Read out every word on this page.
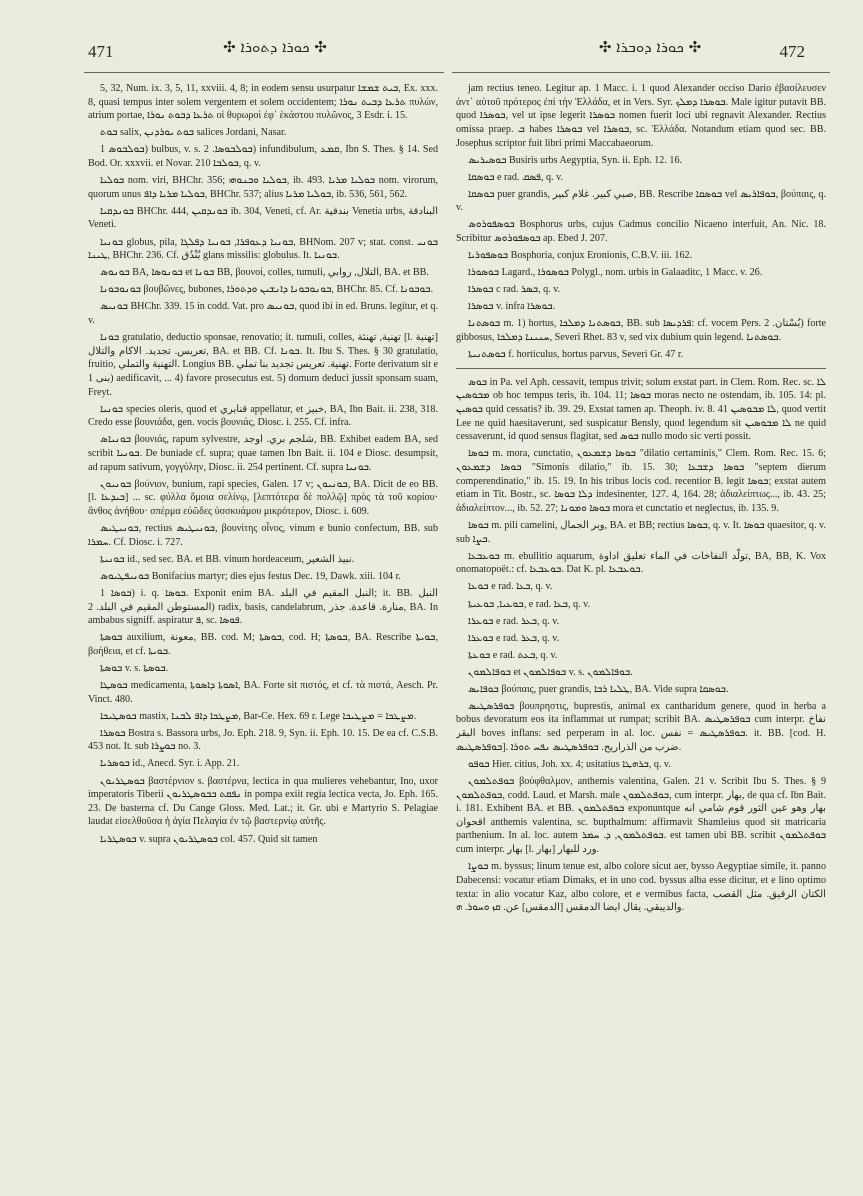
471	✣ ܟܘܪܐ ܕܬܘܪܐ ✣	✣ ܟܘܪܐ ܕܘܒܪܐ ✣	472

5, 32, Num. ix. 3, 5, 11, xxviii. 4, 8; in eodem sensu usurpatur ܒܝܬ ܫܡܫܐ, Ex. xxx. 8, quasi tempus inter solem vergentem et solem occidentem; ܬܪܥܐ ܕܒܝܬ ܢܘܪܐ πυλών, atrium portae, ܬܪܥܐ ܕܒܘܬ ܢܘܪܐ οἱ θυρωροὶ ἐφ᾽ ἑκάστου πυλῶνος, 3 Esdr. i. 15.

ܒܘܬ salix, ܒܘܬ ܝܘܪܕܢܢ salices Jordani, Nasar.

ܒܘܠܒܘܣ 1) bulbus, v. s. ܒܘܠܒܘܣܐ. 2) infundibulum, ܩܡܥ, Ibn S. Thes. § 14. Sed Bod. Or. xxxvii. et Novar. 210 ܒܘܠܒܐ, q. v.

ܒܘܠܝܐ nom. viri, BHChr. 356; ܒܘܠܝܐ ܘܒܢܘܗܝ, ib. 493. ܒܘܠܝܐ ܡܪܝܐ nom. virorum, quorum unus ܒܘܠܝܐ ܡܪܝܐ ܕܐܦ, BHChr. 537; alius ܒܘܠܝܐ ܡܪܝܐ, ib. 536, 561, 562.

ܒܘܢܕܩܝܐ BHChr. 444, ܒܘܢܕܩܝܢ ib. 304, Veneti, cf. Ar. بندقية Venetia urbs, البنادقة Veneti.

ܒܘܢܝܐ globus, pila, ܒܘܢܝܐ ܕܥܘܦܪܐ, ܒܘܢܝܐ ܕܦܠܓܐ, BHNom. 207 v; stat. const. ܒܘܢܝ ܛܝܢܐ, BHChr. 236. Cf. بُنْدُق glans missilis: globulus. It. ܒܘܢܝܐ.

ܒܘܢܘܣ BA, ܒܘܢܘܣܐ et ܒܘܢܐ BB, βουνοί, colles, tumuli, التلال, روابي, BA. et BB.

ܒܘܢܘܒܘܢܐ βουβῶνες, bubones, ܒܘܢܘܒܘܢܐ ܕܐܢܫܝܢ ܘܕܬܘܪܐ, BHChr. 85. Cf. ܒܘܒܘܢܐ.

ܒܘܢܝܣ BHChr. 339. 15 in codd. Vat. pro ܒܘܢܝܣ, quod ibi in ed. Bruns. legitur, et q. v.

ܒܘܢܐ gratulatio, deductio sponsae, renovatio; it. tumuli, colles, تهنية, تهنئة [l. تهنية] تعريس. تجديد. الاكام والتلال, BA. et BB. Cf. ܒܘܢܐ. It. Ibu S. Thes. § 30 gratulatio, fruitio, التهنية والتملي. Longius BB. تهنية. تعريس تجديد بنا تملي. Forte derivatum sit e بنى 1) aedificavit, ... 4) favore prosecutus est. 5) domum deduci jussit sponsam suam, Freyt.

ܒܘܢܝܐ species oleris, quod et قنابري appellatur, et خبيز, BA, Ibn Bait. ii. 238, 318. Credo esse βουνιάδα, gen. vocis βουνιάς, Diosc. i. 255. Cf. infra.

ܒܘܢܝܐܣ βουνιάς, rapum sylvestre, شلجم بري. اوجد, BB. Exhibet eadem BA, sed scribit ܒܘܢܝܐ. De buniade cf. supra; quae tamen Ibn Bait. ii. 104 e Diosc. desumpsit, ad rapum sativum, γογγύλην, Diosc. ii. 254 pertinent. Cf. supra ܒܘܢܝܐ.

ܒܘܢܝܘܢ βούνιον, bunium, rapi species, Galen. 17 v; ܒܘܢܝܘܢ, BA. Dicit de eo BB. [l. ܒܝܕܥܐ] ... sc. φύλλα ὅμοια σελίνῳ, [λεπτότερα δὲ πολλῷ] πρὸς τὰ τοῦ κορίου· ἄνθος ἀνήθου· σπέρμα εὐῶδες ὑσσκυάμου μικρότερον, Diosc. i. 609.

ܒܘܢܝܛܝܣ, rectius ܒܘܢܝܛܝܣ, βουνίτης οἶνος, vinum e bunio confectum, BB. sub ܚܡܪܐ. Cf. Diosc. i. 727.

ܒܘܢܝܬܐ id., sed sec. BA. et BB. vinum hordeaceum, نبيذ الشعير.

ܒܘܢܝܦܛܝܘܣ Bonifacius martyr; dies ejus festus Dec. 19, Dawk. xiii. 104 r.

ܒܘܣܐ 1) i. q. ܒܘܣܐ. Exponit enim BA. النبل المقيم في البلد; it. BB. النبل المستوطن المقيم في البلد. 2) radix, basis, candelabrum, منارة. قاعدة. جذر, BA. In ambabus signiff. aspiratur ܦ, sc. ܦܘܣܐ.

ܒܘܣܬܐ auxilium, معونة, BB. cod. M; ܒܘܣܬܐ, cod. H; ܒܘܣܬܐ, BA. Rescribe ܒܘܝܬܐ, βοήθεια, et cf. ܒܘܝܬܐ.

ܒܘܣܬܐ v. s. ܒܘܣܬܐ.

ܒܘܣܛܐ medicamenta, ܐܣܘܬܐ ܕܐܣܘܬܐ, BA. Forte sit πιστός, et cf. τὰ πιστά, Aesch. Pr. Vinct. 480.

ܒܘܣܛܝܟܐ mastix, ܡܨܛܟܐ ܕܐܦ ܠܒܢܐ, Bar-Ce. Hex. 69 r. Lege ܡܨܛܟܐ = ܡܨܛܝܟܐ.

ܒܘܣܪܐ Bostra s. Bassora urbs, Jo. Eph. 218. 9, Syn. ii. Eph. 10. 15. De ea cf. C.S.B. 453 not. It. sub ܒܘܨܪܐ no. 3.

ܒܘܣܪܝܐ id., Anecd. Syr. i. App. 21.

ܒܘܣܛܪܝܘܢ βαστέρνιον s. βαστέρνα, lectica in qua mulieres vehebantur, Ino, uxor imperatoris Tiberii ܢܦܩܬ ܒܒܘܣܛܪܝܘܢ in pompa exiit regia lectica vecta, Jo. Eph. 165. 23. De basterna cf. Du Cange Gloss. Med. Lat.; it. Gr. ubi e Martyrio S. Pelagiae laudat εἰσελθοῦσα ἡ ἁγία Πελαγία ἐν τῷ βαστερνίῳ αὐτῆς.

ܒܘܣܛܪܝܐ v. supra ܒܘܣܛܪܝܘܢ col. 457. Quid sit tamen

jam rectius teneo. Legitur ap. 1 Macc. i. 1 quod Alexander occiso Dario ἐβασίλευσεν ἀντ᾽ αὐτοῦ πρότερος ἐπὶ τὴν Ἑλλάδα, et in Vers. Syr. ܒܘܣܪܐ ܕܡܠܟ. Male igitur putavit BB. quod ܒܘܣܪܐ, vel ut ipse legerit ܒܘܣܪܐ nomen fuerit loci ubi regnavit Alexander. Rectius omissa praep. ܒ habes ܒܘܣܪܐ vel ܒܘܣܪܐ, sc. Ἑλλάδα. Notandum etiam quod sec. BB. Josephus scriptor fuit libri primi Maccabaeorum.

ܒܘܣܝܪܝܣ Busiris urbs Aegyptia, Syn. ii. Eph. 12. 16.

ܒܘܣܩܐ e rad. ܦܣܩ, q. v.

ܒܘܣܩܐ puer grandis, صبي كبير. غلام كبير, BB. Rescribe ܒܘܣܩܐ vel ܒܘܦܐܪܝܣ, βούπαις, q. v.

ܒܘܣܦܘܪܘܣ Bosphorus urbs, cujus Cadmus concilio Nicaeno interfuit, An. Nic. 18. Scribitur ܒܘܣܦܘܪܘܣ ap. Ebed J. 207.

ܒܘܣܦܘܪܝܐ Bosphoria, conjux Eronionis, C.B.V. iii. 162.

ܒܘܣܘܪܐ Lagard., ܒܘܣܘܪܐ Polygl., nom. urbis in Galaaditc, 1 Macc. v. 26.

ܒܘܣܪܐ c rad. ܒܣܪ, q. v.

ܒܘܣܪܐ v. infra ܒܘܣܪܐ.

ܒܘܣܬܢܐ m. 1) hortus, ܒܘܣܬܢܐ ܕܡܠܟܐ, BB. sub ܦܪܕܝܣܐ: cf. vocem Pers. بُسْتان. 2) forte gibbosus, ܚܢܝܢܐ ܕܡܠܟܐ, Severi Rhet. 83 v, sed vix dubium quin legend. ܒܘܣܬܢܐ.

ܒܘܣܬܢܝܬܐ f. horticulus, hortus parvus, Severi Gr. 47 r.

ܒܘܣ in Pa. vel Aph. cessavit, tempus trivit; solum exstat part. in Clem. Rom. Rec. sc. ܠܐ ܡܒܘܣܝܢ ob hoc tempus teris, ib. 104. 11; ܒܘܣܐ moras necto ne ostendam, ib. 105. 14: pl. ܒܘܣܝܢ quid cessatis? ib. 39. 29. Exstat tamen ap. Theoph. iv. 8. 41 ܠܐ ܡܒܘܣܝܢ, quod vertit Lee ne quid haesitaverunt, sed suspicatur Bensly, quod legendum sit ܠܐ ܡܒܘܣܝܢ ne quid cessaverunt, id quod sensus flagitat, sed ܒܘܣ nullo modo sic verti possit.

ܒܘܣܐ m. mora, cunctatio, ܒܘܣܐ ܕܫܡܥܘܢ "dilatio certaminis," Clem. Rom. Rec. 15. 6; ܒܘܣܐ ܕܫܡܥܘܢ "Simonis dilatio," ib. 15. 30; ܒܘܣܐ ܕܫܒܥܐ "septem dierum comperendinatio," ib. 15. 19. In his tribus locis cod. recentior B. legit ܒܘܣܐ; exstat autem etiam in Tit. Bostr., sc. ܕܠܐ ܒܘܣܐ indesinenter, 127. 4, 164. 28; ἀδιαλείπτως..., ib. 43. 25; ἀδιαλείπτον..., ib. 52. 27; ܒܘܣܐ ܘܡܘܢܐ mora et cunctatio et neglectus, ib. 135. 9.

ܒܘܣܐ m. pili camelini, وبر الجمال, BA. et BB; rectius ܒܘܣܐ, q. v. It. ܒܘܣܐ quaesitor, q. v. sub ܒܨܐ.

ܒܘܥܒܥܐ m. ebullitio aquarum, تولّد النفاخات في الماء تعليق اداوة, BA, BB, K. Vox onomatopoët.: cf. ܒܘܥܒܥܐ. Dat K. pl. ܒܘܥܒܥܐ.

ܒܘܥܐ e rad. ܒܥܐ, q. v.

ܒܘܥܝܐ, ܒܘܥܝܬܐ, e rad. ܒܥܐ, q. v.

ܒܘܥܪܐ e rad. ܒܥܪ, q. v.

ܒܘܥܪܐ e rad. ܒܥܪ, q. v.

ܒܘܥܬܐ e rad. ܒܥܬ, q. v.

ܒܘܦܐܠܡܘܢ et ܒܘܦܐܠܡܘܢ v. s. ܒܘܦܐܠܡܘܢ.

ܒܘܦܐܝܣ βούπαις, puer grandis, ܛܠܝܐ ܪܒܐ, BA. Vide supra ܒܘܣܩܐ.

ܒܘܦܪܣܛܝܣ βουπρηστις, buprestis, animal ex cantharidum genere, quod in herba a bobus devoratum eos ita inflammat ut rumpat; scribit BA. ܒܘܦܪܣܛܝܣ cum interpr. نفاخ البقر boves inflans: sed perperam in al. loc. ܒܘܦܪܣܛܝܣ = نفس. it. BB. [cod. H. ܒܘܦܪܣܛܝܣ]. ضرب من الذراريح. ܒܘܦܪܣܛܝܣ ܢܦܚ ܬܘܪܐ.

ܒܘܦܘ Hier. citius, Joh. xx. 4; usitatius ܒܪܗܛܐ, q. v.

ܒܘܦܬܠܡܘܢ βούφθαλμον, anthemis valentina, Galen. 21 v. Scribit Ibu S. Thes. § 9 ܒܘܦܬܠܡܘܢ, codd. Laud. et Marsh. male ܒܘܦܬܠܡܘܢ, cum interpr. بهار, de qua cf. Ibn Bait. i. 181. Exhibent BA. et BB. ܒܘܦܬܠܡܘܢ exponuntque بهار وهو عين الثور قوم شامي انه اقحوان anthemis valentina, sc. bupthalmum: affirmavit Shamleius quod sit matricaria parthenium. In al. loc. autem ܒܘܦܬܠܡܘܢ, ܕ. ܚܡܪ. est tamen ubi BB. scribit ܒܘܦܬܠܡܘܢ cum interpr. بهار [l. بهار] ورد للبهار.

ܒܘܨܐ m. byssus; linum tenue est, albo colore sicut aer, bysso Aegyptiae simile, it. panno Dabecensi: vocatur etiam Dimaks, et in uno cod. byssus alba esse dicitur, et e lino optimo texta: in alio vocatur Kaz, albo colore, et e vermibus facta, الكتان الرقيق. مثل القصب والديبقي. يقال ايضا الدمقس [الدمقس] عن. ܩܙ ܘܚܘܪ. ܗ.
